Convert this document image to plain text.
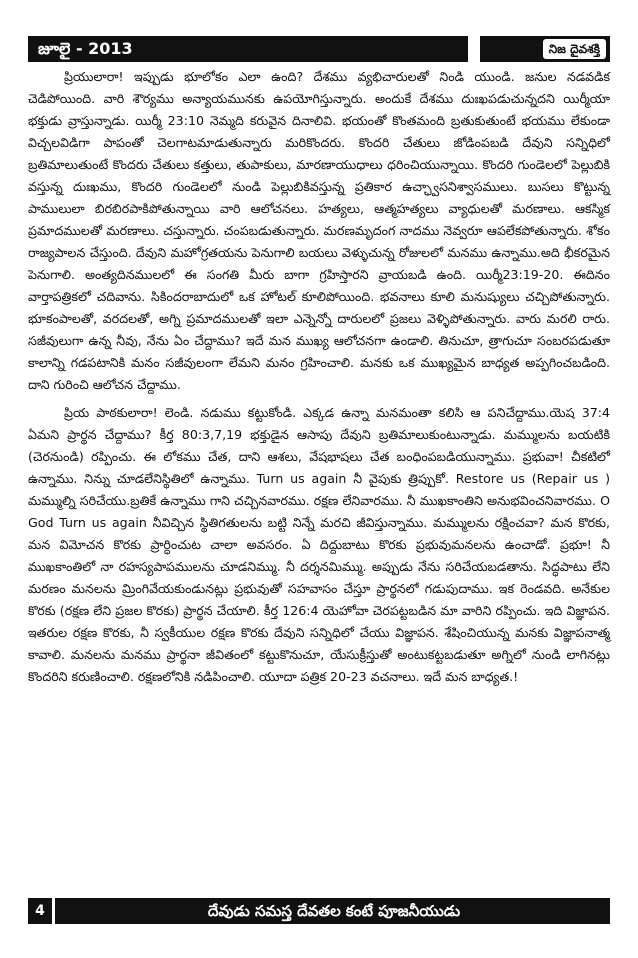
జూలై - 2013	నిజ దైవశక్తి

ప్రియులారా! ఇప్పుడు భూలోకం ఎలా ఉంది? దేశము వ్యభిచారులతో నిండి యుండి. జనుల నడవడిక చెడిపోయింది. వారి శౌర్యము అన్యాయమునకు ఉపయోగిస్తున్నారు. అందుకే దేశము దుఃఖపడుచున్నదని యిర్మీయా భక్తుడు వ్రాస్తున్నాడు. యిర్మీ 23:10 నెమ్మది కరువైన దినాలివి. భయంతో కొంతమంది బ్రతుకుతుంటే భయము లేకుండా విచ్చలవిడిగా పాపంతో చెలగాటమాడుతున్నారు మరికొందరు. కొందరి చేతులు జోడింపబడి దేవుని సన్నిధిలో బ్రతిమాలుతుంటే కొందరు చేతులు కత్తులు, తుపాకులు, మారణాయుధాలు ధరించియున్నాయి. కొందరి గుండెలలో పెల్లుబికి వస్తున్న దుఃఖము, కొందరి గుండెలలో నుండి పెల్లుబికివస్తున్న ప్రతికార ఉచ్ఛ్వాసనిశ్వాసములు. బుసలు కొట్టున్న పాములులా బిరబిరపాకిపోతున్నాయి వారి ఆలోచనలు. హత్యలు, ఆత్మహత్యలు వ్యాధులతో మరణాలు. ఆకస్మిక ప్రమాదములతో మరణాలు. చస్తున్నారు. చంపబడుతున్నారు. మరణమృదంగ నాదము నెవ్వరూ ఆపలేకపోతున్నారు. శోకం రాజ్యపాలన చేస్తుంది. దేవుని మహోగ్రతయను పెనుగాలి బయలు వెళ్ళుచున్న రోజులలో మనము ఉన్నాము.అది భీకరమైన పెనుగాలి. అంత్యదినములలో ఈ సంగతి మీరు బాగా గ్రహిస్తారని వ్రాయబడి ఉంది. యిర్మీ23:19-20. ఈదినం వార్తాపత్రికలో చదివాను. సికిందరాబాదులో ఒక హోటల్ కూలిపోయింది. భవనాలు కూలి మనుష్యులు చచ్చిపోతున్నారు. భూకంపాలతో, వరదలతో, అగ్ని ప్రమాదములతో ఇలా ఎన్నెన్నో దారులలో ప్రజలు వెళ్ళిపోతున్నారు. వారు మరలి రారు. సజీవులుగా ఉన్న నీవు, నేను ఏం చేద్దాము? ఇదే మన ముఖ్య ఆలోచనగా ఉండాలి. తినుచూ, త్రాగుచూ సంబరపడుతూ కాలాన్ని గడపటానికి మనం సజీవులంగా లేమని మనం గ్రహించాలి. మనకు ఒక ముఖ్యమైన బాధ్యత అప్పగించబడింది. దాని గురించి ఆలోచన చేద్దాము.

ప్రియ పాఠకులారా! లెండి. నడుము కట్టుకోండి. ఎక్కడ ఉన్నా మనమంతా కలిసి ఆ పనిచేద్దాము.యెష 37:4 ఏమని ప్రార్థన చేద్దాము? కీర్త 80:3,7,19 భక్తుడైన ఆసాపు దేవుని బ్రతిమాలుకుంటున్నాడు. మమ్ములను బయటికి (చెరనుండి) రప్పించు. ఈ లోకము చేత, దాని ఆశలు, వేషభాషలు చేత బంధింపబడియున్నాము. ప్రభువా! చీకటిలో ఉన్నాము. నిన్ను చూడలేనిస్థితిలో ఉన్నాము. Turn us again నీ వైపుకు త్రిప్పుకో. Restore us (Repair us ) మమ్ముల్ని సరిచేయు.బ్రతికే ఉన్నాము గాని చచ్చినవారము. రక్షణ లేనివారము. నీ ముఖకాంతిని అనుభవించనివారము. O God Turn us again నీవిచ్చిన స్థితిగతులను బట్టి నిన్నే మరచి జీవిస్తున్నాము. మమ్ములను రక్షించవా? మన కొరకు, మన విమోచన కొరకు ప్రార్ధించుట చాలా అవసరం. ఏ దిద్దుబాటు కొరకు ప్రభువుమనలను ఉంచాడో. ప్రభూ! నీ ముఖకాంతిలో నా రహస్యపాపములను చూడనిమ్ము. నీ దర్శనమిమ్ము. అప్పుడు నేను సరిచేయబడతాను. సిద్ధపాటు లేని మరణం మనలను మ్రింగివేయకుండునట్లు ప్రభువుతో సహవాసం చేస్తూ ప్రార్థనలో గడుపుదాము. ఇక రెండవది. అనేకుల కొరకు (రక్షణ లేని ప్రజల కొరకు) ప్రార్థన చేయాలి. కీర్త 126:4 యెహోవా చెరపట్టబడిన మా వారిని రప్పించు. ఇది విజ్ఞాపన. ఇతరుల రక్షణ కొరకు, నీ స్వకీయుల రక్షణ కొరకు దేవుని సన్నిధిలో చేయు విజ్ఞాపన. శేషించియున్న మనకు విజ్ఞాపనాత్మ కావాలి. మనలను మనము ప్రార్థనా జీవితంలో కట్టుకొనుచూ, యేసుక్రీస్తుతో అంటుకట్టబడుతూ అగ్నిలో నుండి లాగినట్లు కొందరిని కరుణించాలి. రక్షణలోనికి నడిపించాలి. యూదా పత్రిక 20-23 వచనాలు. ఇదే మన బాధ్యత.!

4	దేవుడు సమస్త దేవతల కంటే పూజనీయుడు
